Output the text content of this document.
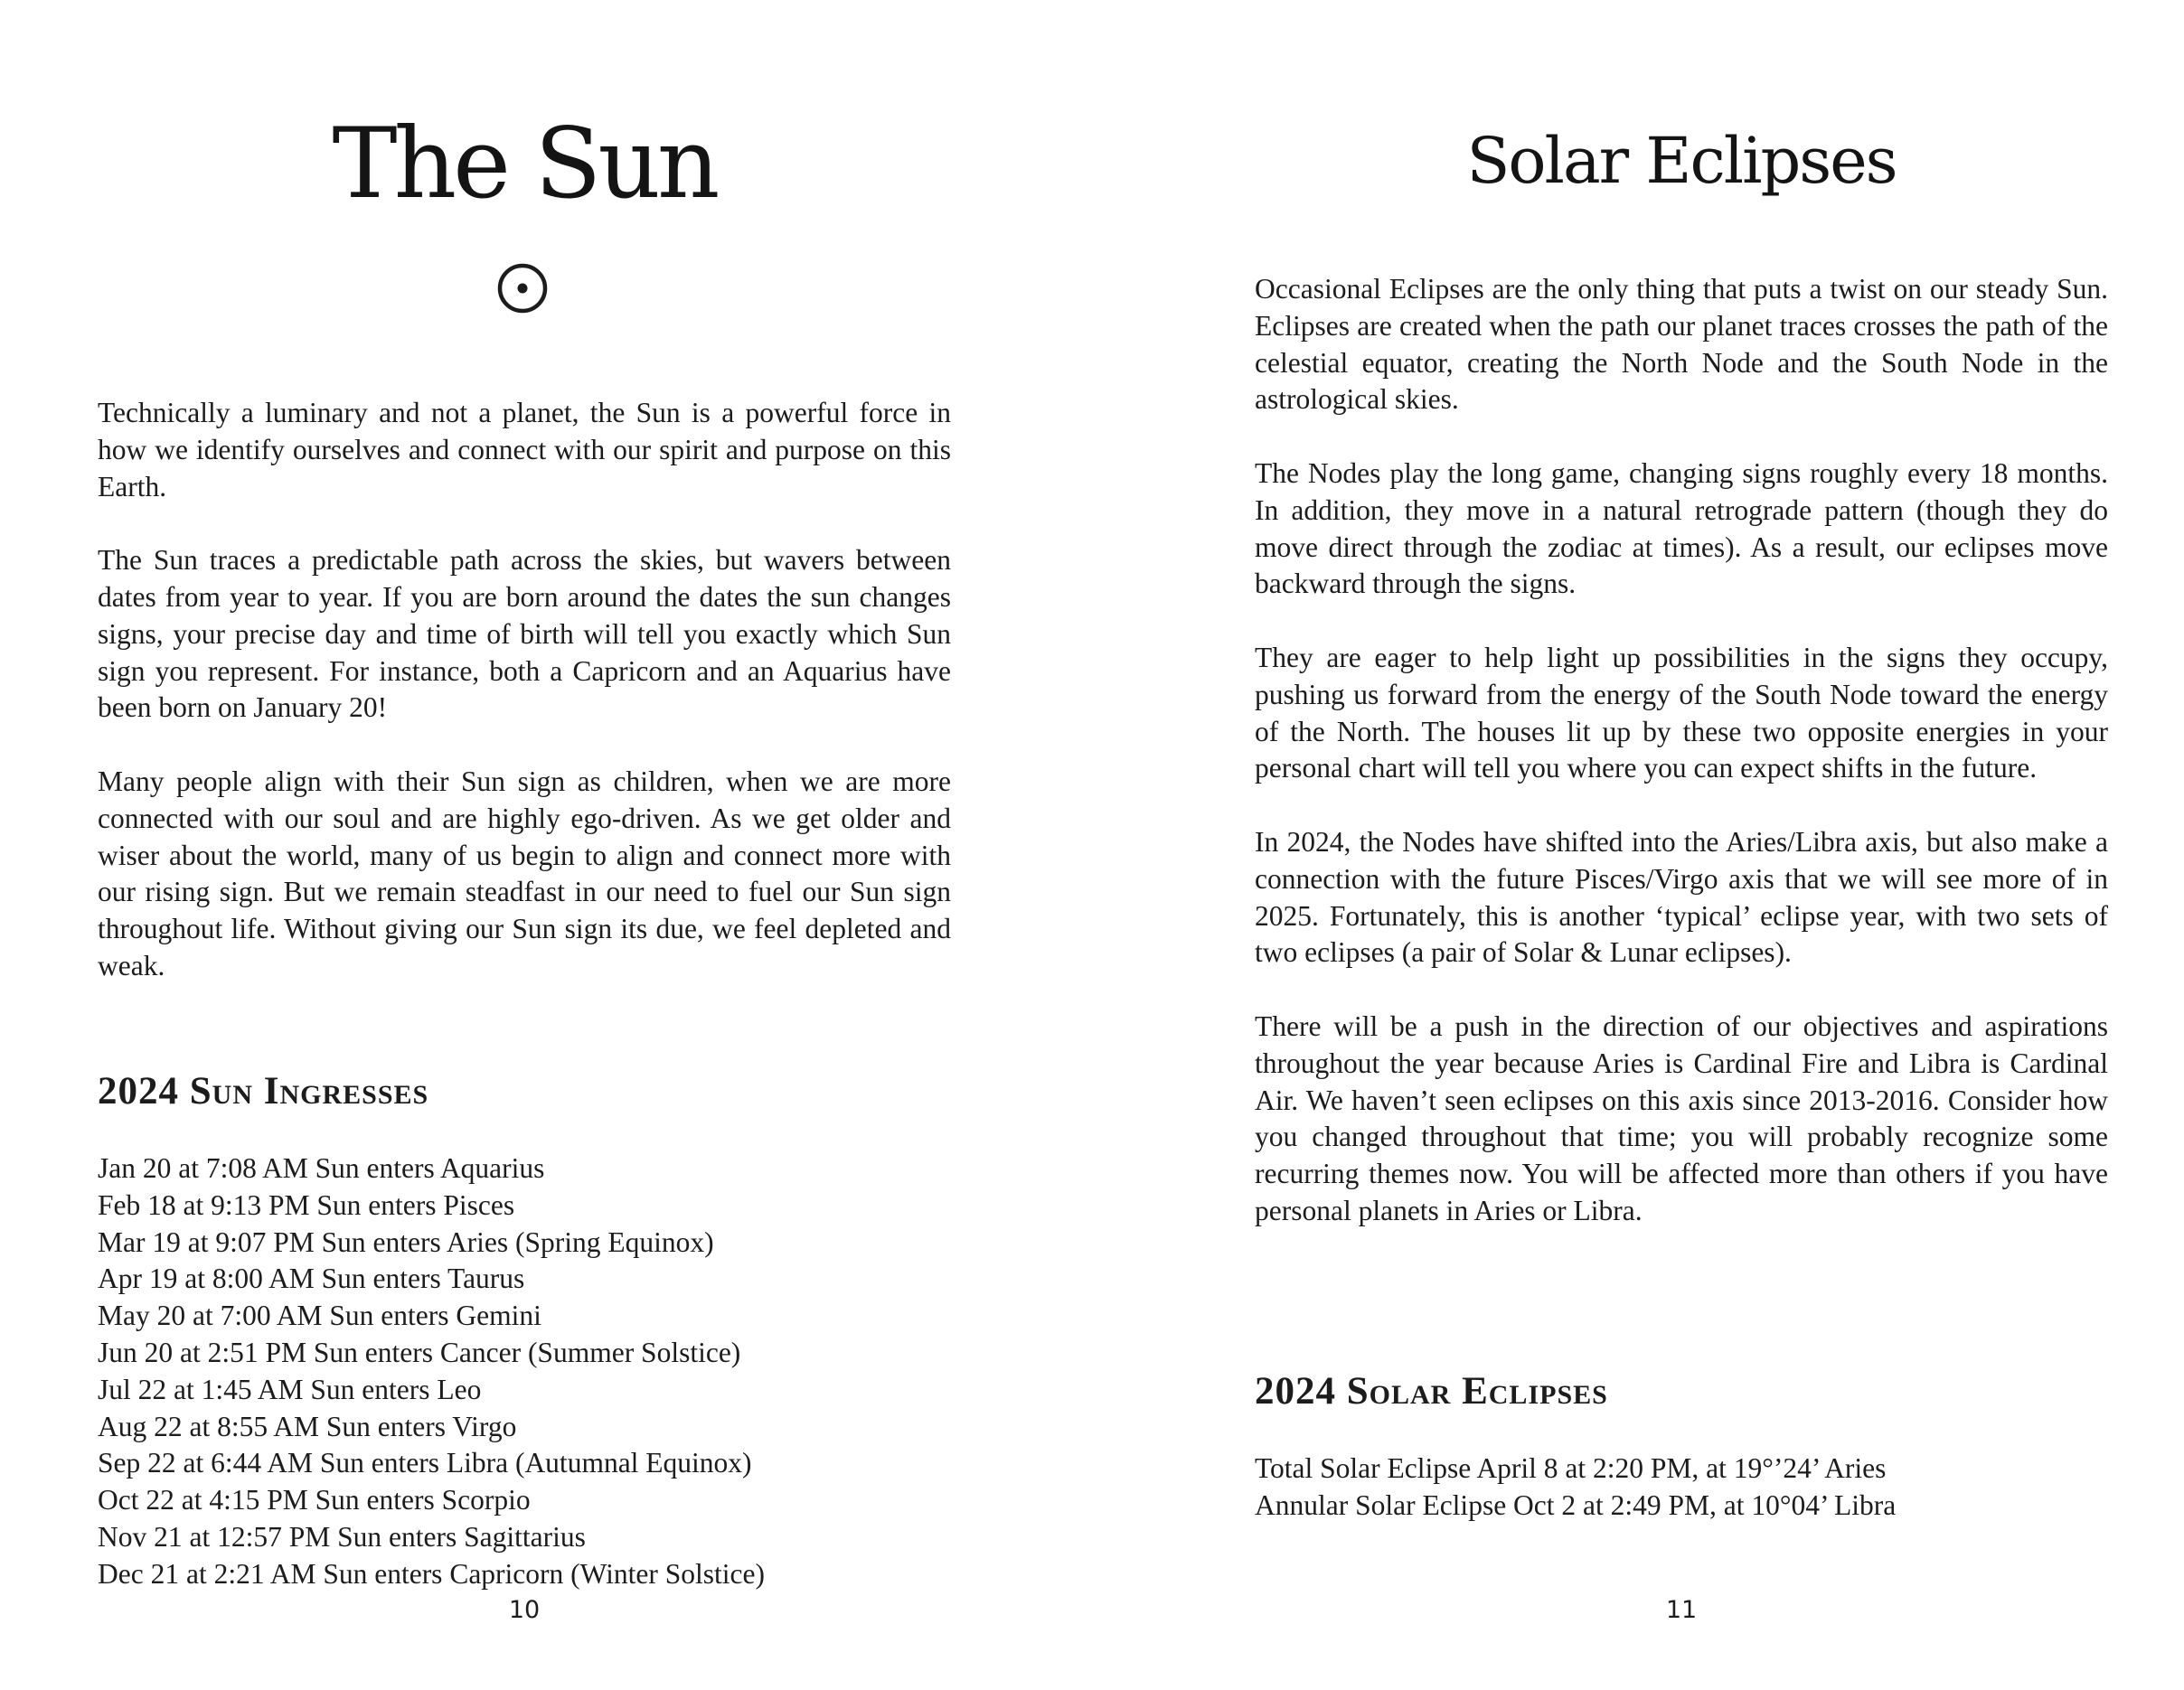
The Sun

Technically a luminary and not a planet, the Sun is a powerful force in how we identify ourselves and connect with our spirit and purpose on this Earth.

The Sun traces a predictable path across the skies, but wavers between dates from year to year. If you are born around the dates the sun changes signs, your precise day and time of birth will tell you exactly which Sun sign you represent. For instance, both a Capricorn and an Aquarius have been born on January 20!

Many people align with their Sun sign as children, when we are more connected with our soul and are highly ego-driven. As we get older and wiser about the world, many of us begin to align and connect more with our rising sign. But we remain steadfast in our need to fuel our Sun sign throughout life. Without giving our Sun sign its due, we feel depleted and weak.

2024 Sun Ingresses
Jan 20 at 7:08 AM Sun enters Aquarius
Feb 18 at 9:13 PM Sun enters Pisces
Mar 19 at 9:07 PM Sun enters Aries (Spring Equinox)
Apr 19 at 8:00 AM Sun enters Taurus
May 20 at 7:00 AM Sun enters Gemini
Jun 20 at 2:51 PM Sun enters Cancer (Summer Solstice)
Jul 22 at 1:45 AM Sun enters Leo
Aug 22 at 8:55 AM Sun enters Virgo
Sep 22 at 6:44 AM Sun enters Libra (Autumnal Equinox)
Oct 22 at 4:15 PM Sun enters Scorpio
Nov 21 at 12:57 PM Sun enters Sagittarius
Dec 21 at 2:21 AM Sun enters Capricorn (Winter Solstice)
10
Solar Eclipses

Occasional Eclipses are the only thing that puts a twist on our steady Sun. Eclipses are created when the path our planet traces crosses the path of the celestial equator, creating the North Node and the South Node in the astrological skies.

The Nodes play the long game, changing signs roughly every 18 months. In addition, they move in a natural retrograde pattern (though they do move direct through the zodiac at times). As a result, our eclipses move backward through the signs.

They are eager to help light up possibilities in the signs they occupy, pushing us forward from the energy of the South Node toward the energy of the North. The houses lit up by these two opposite energies in your personal chart will tell you where you can expect shifts in the future.

In 2024, the Nodes have shifted into the Aries/Libra axis, but also make a connection with the future Pisces/Virgo axis that we will see more of in 2025. Fortunately, this is another ‘typical’ eclipse year, with two sets of two eclipses (a pair of Solar & Lunar eclipses).

There will be a push in the direction of our objectives and aspirations throughout the year because Aries is Cardinal Fire and Libra is Cardinal Air. We haven’t seen eclipses on this axis since 2013-2016. Consider how you changed throughout that time; you will probably recognize some recurring themes now. You will be affected more than others if you have personal planets in Aries or Libra.

2024 Solar Eclipses
Total Solar Eclipse April 8 at 2:20 PM, at 19°’24’ Aries
Annular Solar Eclipse Oct 2 at 2:49 PM, at 10°04’ Libra
11
